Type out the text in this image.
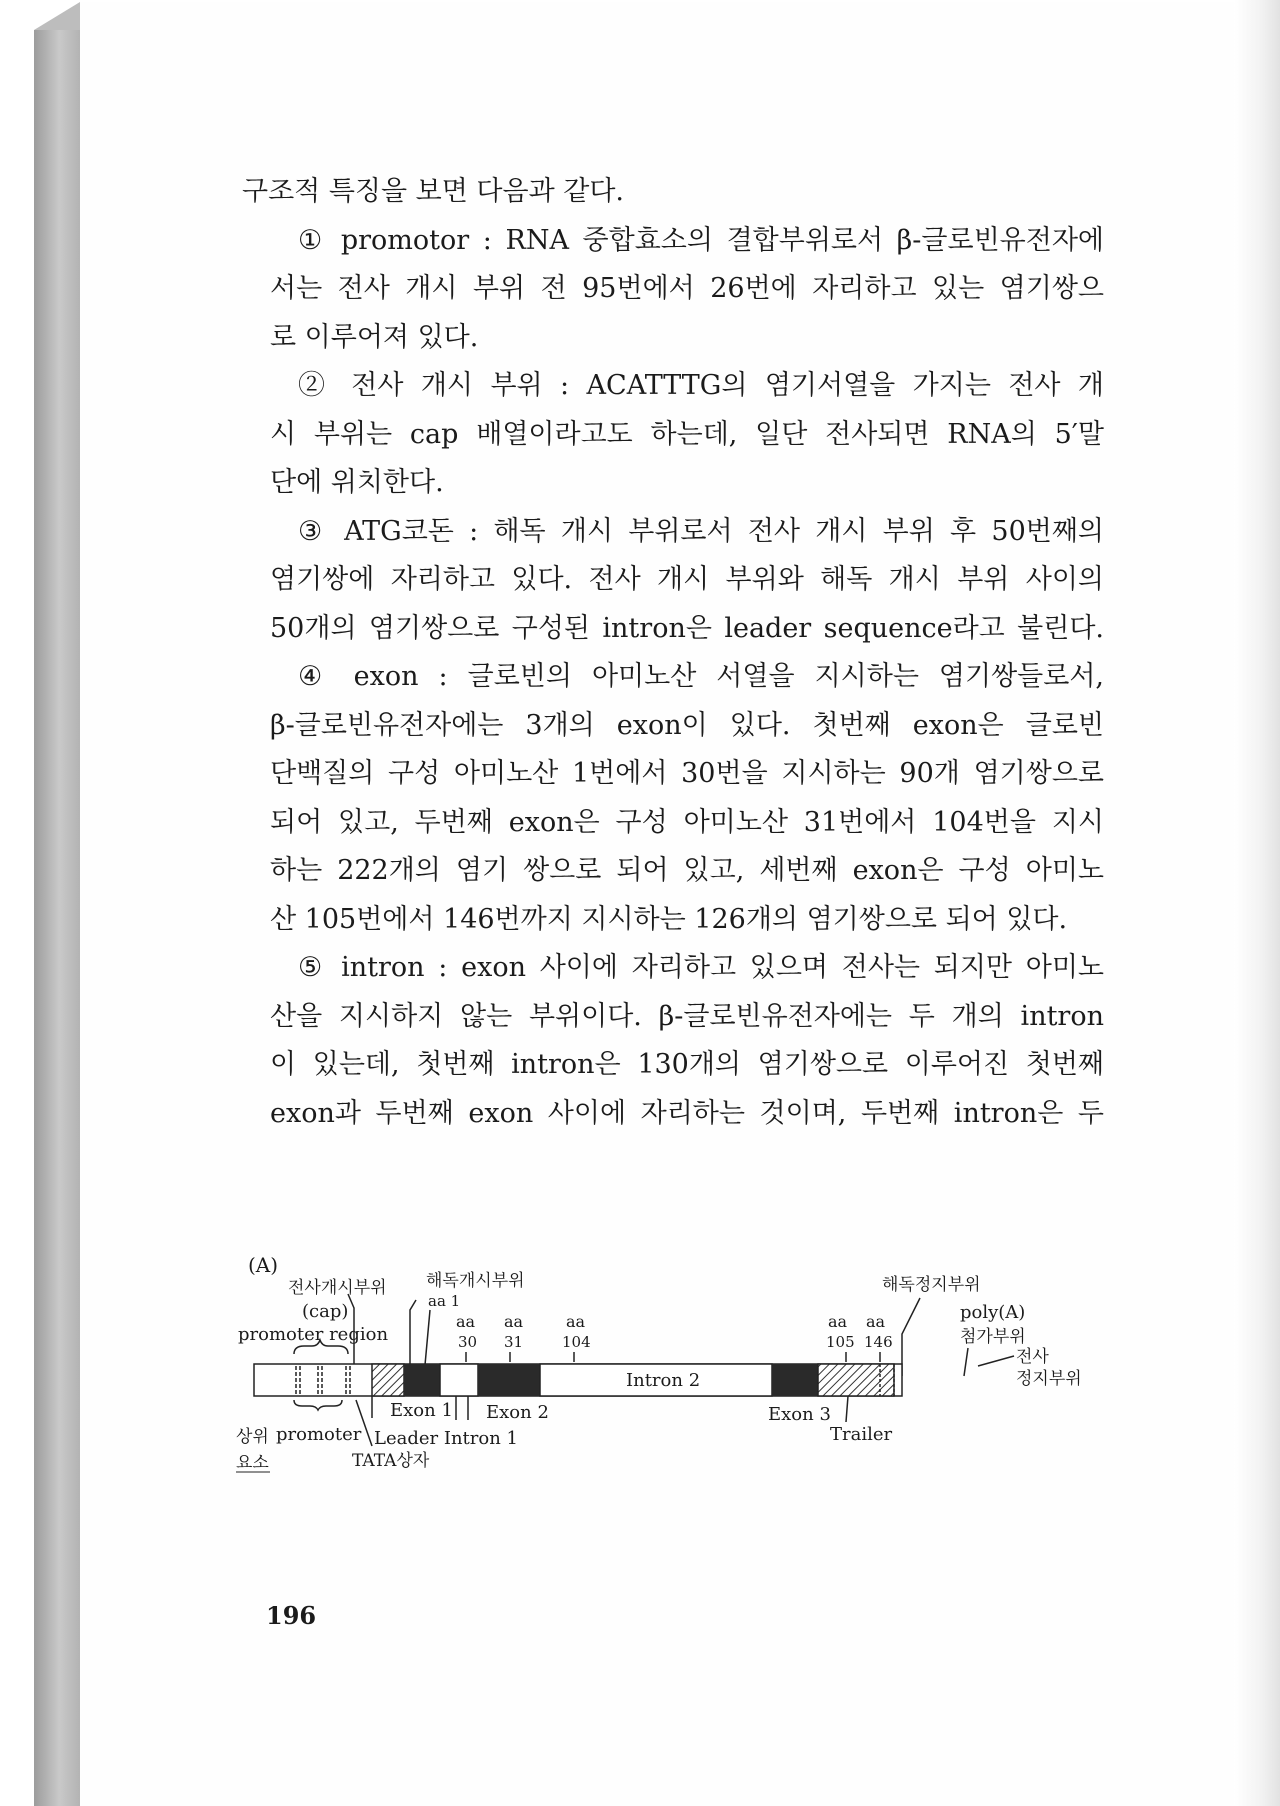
구조적 특징을 보면 다음과 같다.
① promotor : RNA 중합효소의 결합부위로서 β-글로빈유전자에
서는 전사 개시 부위 전 95번에서 26번에 자리하고 있는 염기쌍으
로 이루어져 있다.
② 전사 개시 부위 : ACATTTG의 염기서열을 가지는 전사 개
시 부위는 cap 배열이라고도 하는데, 일단 전사되면 RNA의 5′말
단에 위치한다.
③ ATG코돈 : 해독 개시 부위로서 전사 개시 부위 후 50번째의
염기쌍에 자리하고 있다. 전사 개시 부위와 해독 개시 부위 사이의
50개의 염기쌍으로 구성된 intron은 leader sequence라고 불린다.
④ exon : 글로빈의 아미노산 서열을 지시하는 염기쌍들로서,
β-글로빈유전자에는 3개의 exon이 있다. 첫번째 exon은 글로빈
단백질의 구성 아미노산 1번에서 30번을 지시하는 90개 염기쌍으로
되어 있고, 두번째 exon은 구성 아미노산 31번에서 104번을 지시
하는 222개의 염기 쌍으로 되어 있고, 세번째 exon은 구성 아미노
산 105번에서 146번까지 지시하는 126개의 염기쌍으로 되어 있다.
⑤ intron : exon 사이에 자리하고 있으며 전사는 되지만 아미노
산을 지시하지 않는 부위이다. β-글로빈유전자에는 두 개의 intron
이 있는데, 첫번째 intron은 130개의 염기쌍으로 이루어진 첫번째
exon과 두번째 exon 사이에 자리하는 것이며, 두번째 intron은 두
(A)
전사개시부위
(cap)
promoter region
해독개시부위
aa 1
aa
30
aa
31
aa
104
해독정지부위
aa
105
aa
146
poly(A)
첨가부위
전사
정지부위
Intron 2
Exon 1 Exon 2	Exon 3
Trailer
Leader Intron 1
상위
요소
promoter
TATA상자
196
